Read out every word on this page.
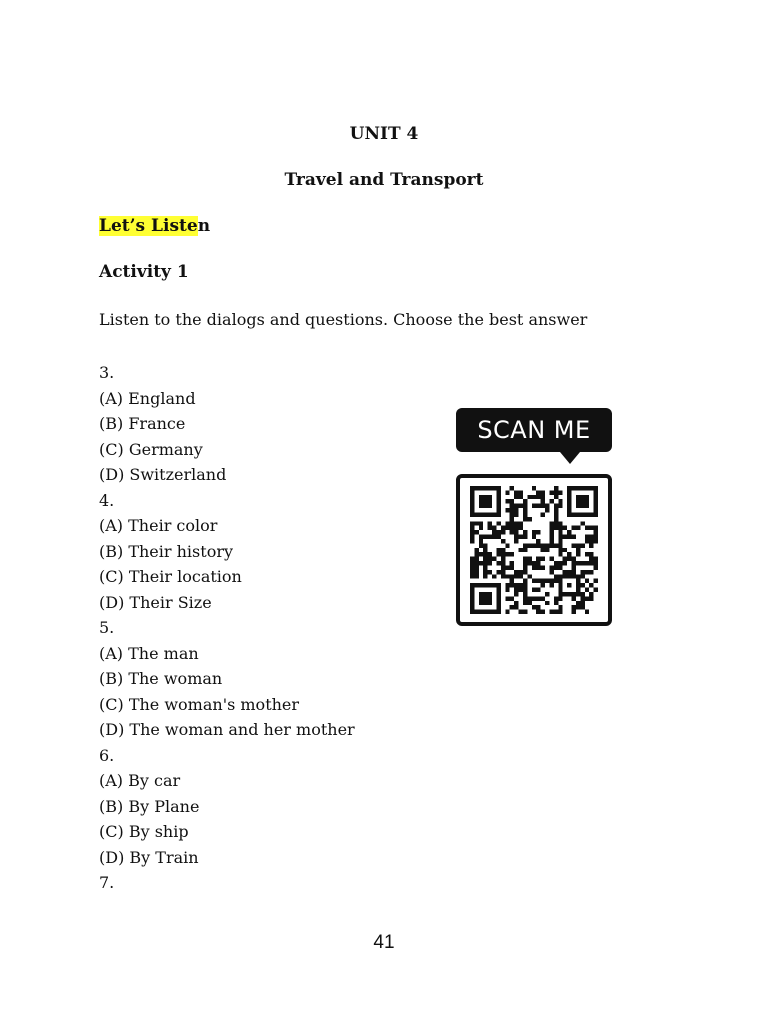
UNIT 4
Travel and Transport
Let’s Listen
Activity 1
Listen to the dialogs and questions. Choose the best answer
3.
(A) England
(B) France
(C) Germany
(D) Switzerland
4.
(A) Their color
(B) Their history
(C) Their location
(D) Their Size
5.
(A) The man
(B) The woman
(C) The woman's mother
(D) The woman and her mother
6.
(A) By car
(B) By Plane
(C) By ship
(D) By Train
7.
SCAN ME
41
